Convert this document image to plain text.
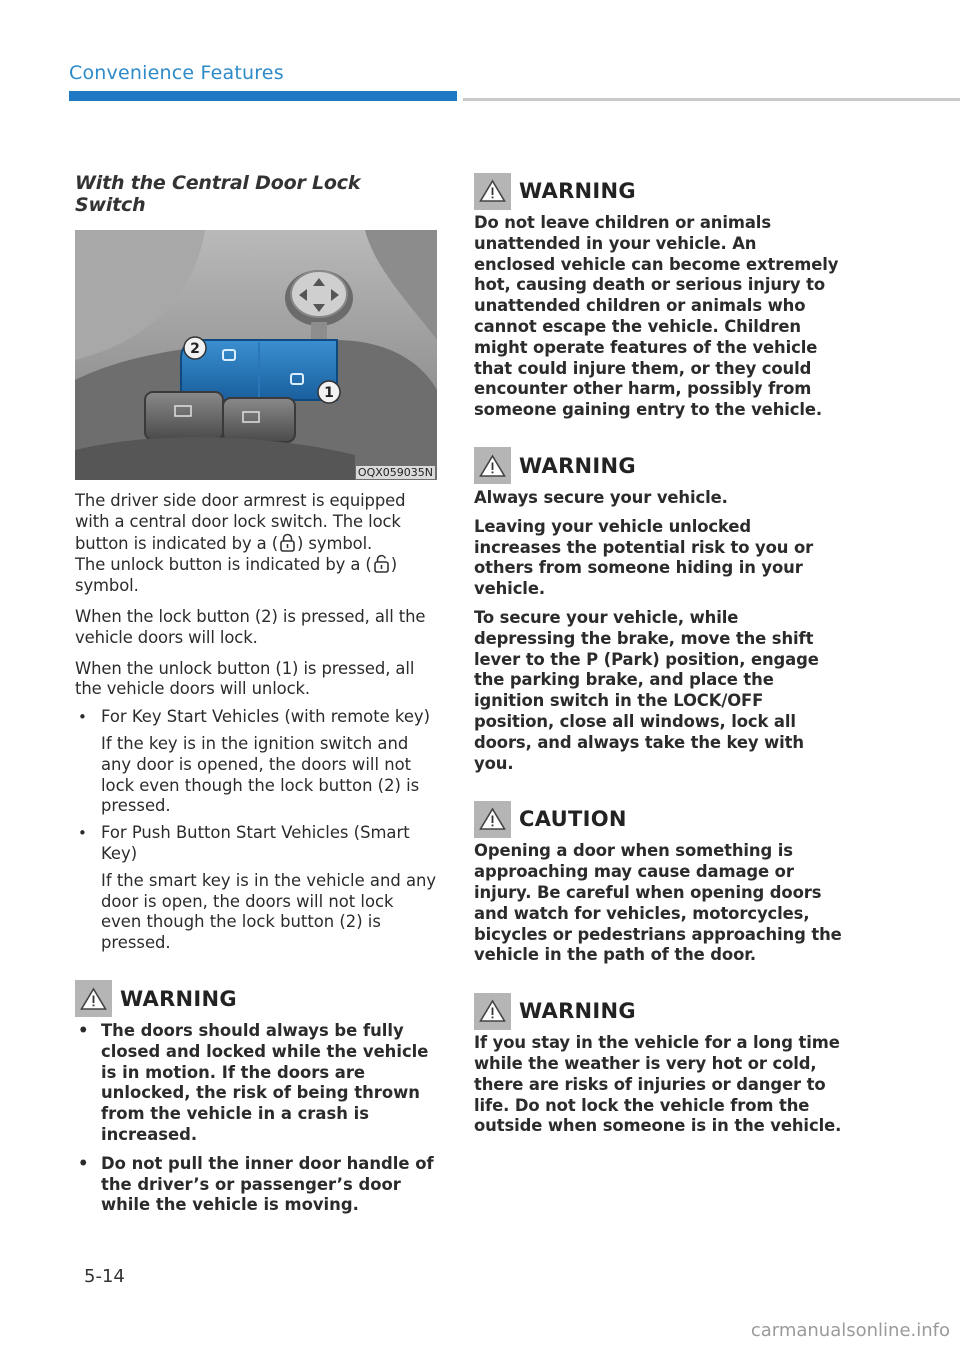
Convenience Features
With the Central Door Lock Switch
2
1
OQX059035N

The driver side door armrest is equipped with a central door lock switch. The lock button is indicated by a ( ) symbol.
The unlock button is indicated by a ( ) symbol.

When the lock button (2) is pressed, all the vehicle doors will lock.

When the unlock button (1) is pressed, all the vehicle doors will unlock.

• For Key Start Vehicles (with remote key)
If the key is in the ignition switch and any door is opened, the doors will not lock even though the lock button (2) is pressed.
• For Push Button Start Vehicles (Smart Key)
If the smart key is in the vehicle and any door is open, the doors will not lock even though the lock button (2) is pressed.
WARNING
• The doors should always be fully closed and locked while the vehicle is in motion. If the doors are unlocked, the risk of being thrown from the vehicle in a crash is increased.
• Do not pull the inner door handle of the driver’s or passenger’s door while the vehicle is moving.
WARNING

Do not leave children or animals unattended in your vehicle. An enclosed vehicle can become extremely hot, causing death or serious injury to unattended children or animals who cannot escape the vehicle. Children might operate features of the vehicle that could injure them, or they could encounter other harm, possibly from someone gaining entry to the vehicle.

WARNING

Always secure your vehicle.

Leaving your vehicle unlocked increases the potential risk to you or others from someone hiding in your vehicle.

To secure your vehicle, while depressing the brake, move the shift lever to the P (Park) position, engage the parking brake, and place the ignition switch in the LOCK/OFF position, close all windows, lock all doors, and always take the key with you.

CAUTION

Opening a door when something is approaching may cause damage or injury. Be careful when opening doors and watch for vehicles, motorcycles, bicycles or pedestrians approaching the vehicle in the path of the door.

WARNING

If you stay in the vehicle for a long time while the weather is very hot or cold, there are risks of injuries or danger to life. Do not lock the vehicle from the outside when someone is in the vehicle.

5-14
carmanualsonline.info
